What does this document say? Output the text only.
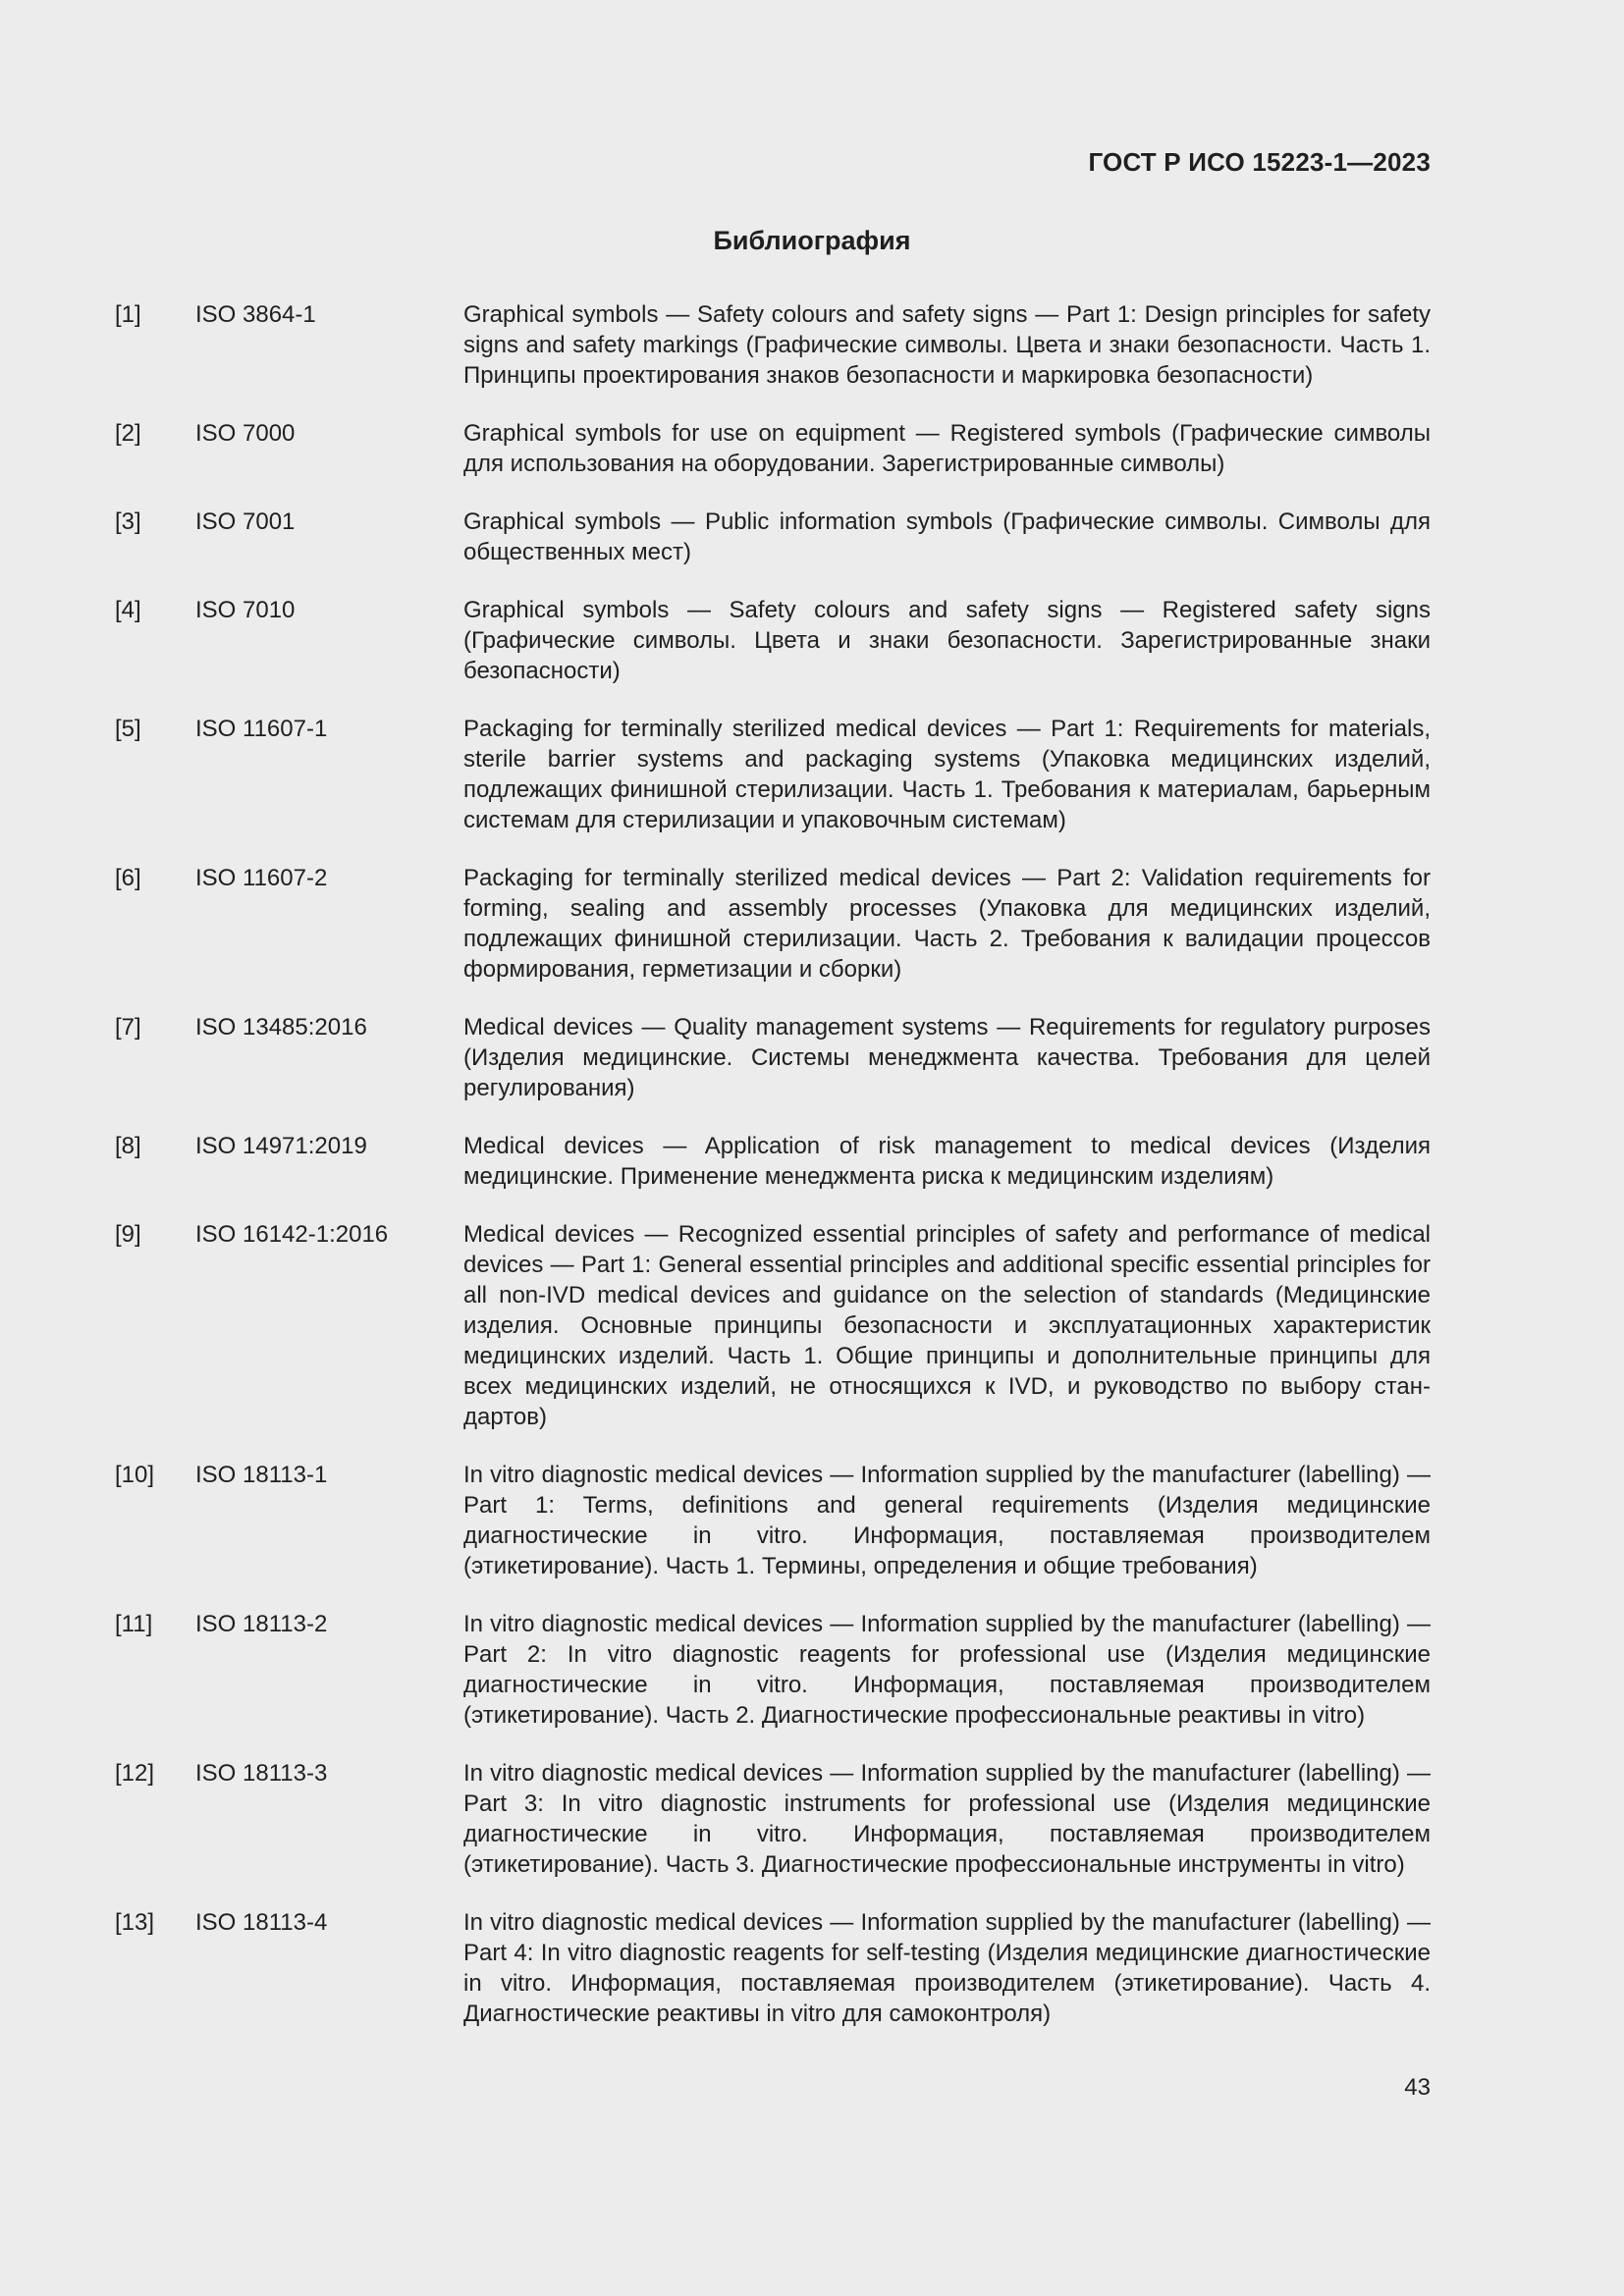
ГОСТ Р ИСО 15223-1—2023
Библиография
[1]	ISO 3864-1	Graphical symbols — Safety colours and safety signs — Part 1: Design principles for safety signs and safety markings (Графические символы. Цвета и знаки безопасности. Часть 1. Принципы проектирования знаков безопасности и маркировка безопасности)
[2]	ISO 7000	Graphical symbols for use on equipment — Registered symbols (Графические символы для использования на оборудовании. Зарегистрированные символы)
[3]	ISO 7001	Graphical symbols — Public information symbols (Графические символы. Символы для общественных мест)
[4]	ISO 7010	Graphical symbols — Safety colours and safety signs — Registered safety signs (Графические символы. Цвета и знаки безопасности. Зарегистрированные знаки безопасности)
[5]	ISO 11607-1	Packaging for terminally sterilized medical devices — Part 1: Requirements for materials, sterile barrier systems and packaging systems (Упаковка медицинских изделий, подлежащих финишной стерилизации. Часть 1. Требования к материалам, барьерным системам для стерилизации и упаковочным системам)
[6]	ISO 11607-2	Packaging for terminally sterilized medical devices — Part 2: Validation requirements for forming, sealing and assembly processes (Упаковка для медицинских изделий, подлежащих финишной стерилизации. Часть 2. Требования к валидации процессов формирования, герметизации и сборки)
[7]	ISO 13485:2016	Medical devices — Quality management systems — Requirements for regulatory purposes (Изделия медицинские. Системы менеджмента качества. Требования для целей регулирования)
[8]	ISO 14971:2019	Medical devices — Application of risk management to medical devices (Изделия медицинские. Применение менеджмента риска к медицинским изделиям)
[9]	ISO 16142-1:2016	Medical devices — Recognized essential principles of safety and performance of medical devices — Part 1: General essential principles and additional specific essential principles for all non-IVD medical devices and guidance on the selection of standards (Медицинские изделия. Основные принципы безопасности и эксплуатационных характеристик медицинских изделий. Часть 1. Общие принципы и дополнительные принципы для всех медицинских изделий, не относящихся к IVD, и руководство по выбору стандартов)
[10]	ISO 18113-1	In vitro diagnostic medical devices — Information supplied by the manufacturer (labelling) — Part 1: Terms, definitions and general requirements (Изделия медицинские диагностические in vitro. Информация, поставляемая производителем (этикетирование). Часть 1. Термины, определения и общие требования)
[11]	ISO 18113-2	In vitro diagnostic medical devices — Information supplied by the manufacturer (labelling) — Part 2: In vitro diagnostic reagents for professional use (Изделия медицинские диагностические in vitro. Информация, поставляемая производителем (этикетирование). Часть 2. Диагностические профессиональные реактивы in vitro)
[12]	ISO 18113-3	In vitro diagnostic medical devices — Information supplied by the manufacturer (labelling) — Part 3: In vitro diagnostic instruments for professional use (Изделия медицинские диагностические in vitro. Информация, поставляемая производителем (этикетирование). Часть 3. Диагностические профессиональные инструменты in vitro)
[13]	ISO 18113-4	In vitro diagnostic medical devices — Information supplied by the manufacturer (labelling) — Part 4: In vitro diagnostic reagents for self-testing (Изделия медицинские диагностические in vitro. Информация, поставляемая производителем (этикетирование). Часть 4. Диагностические реактивы in vitro для самоконтроля)
43
